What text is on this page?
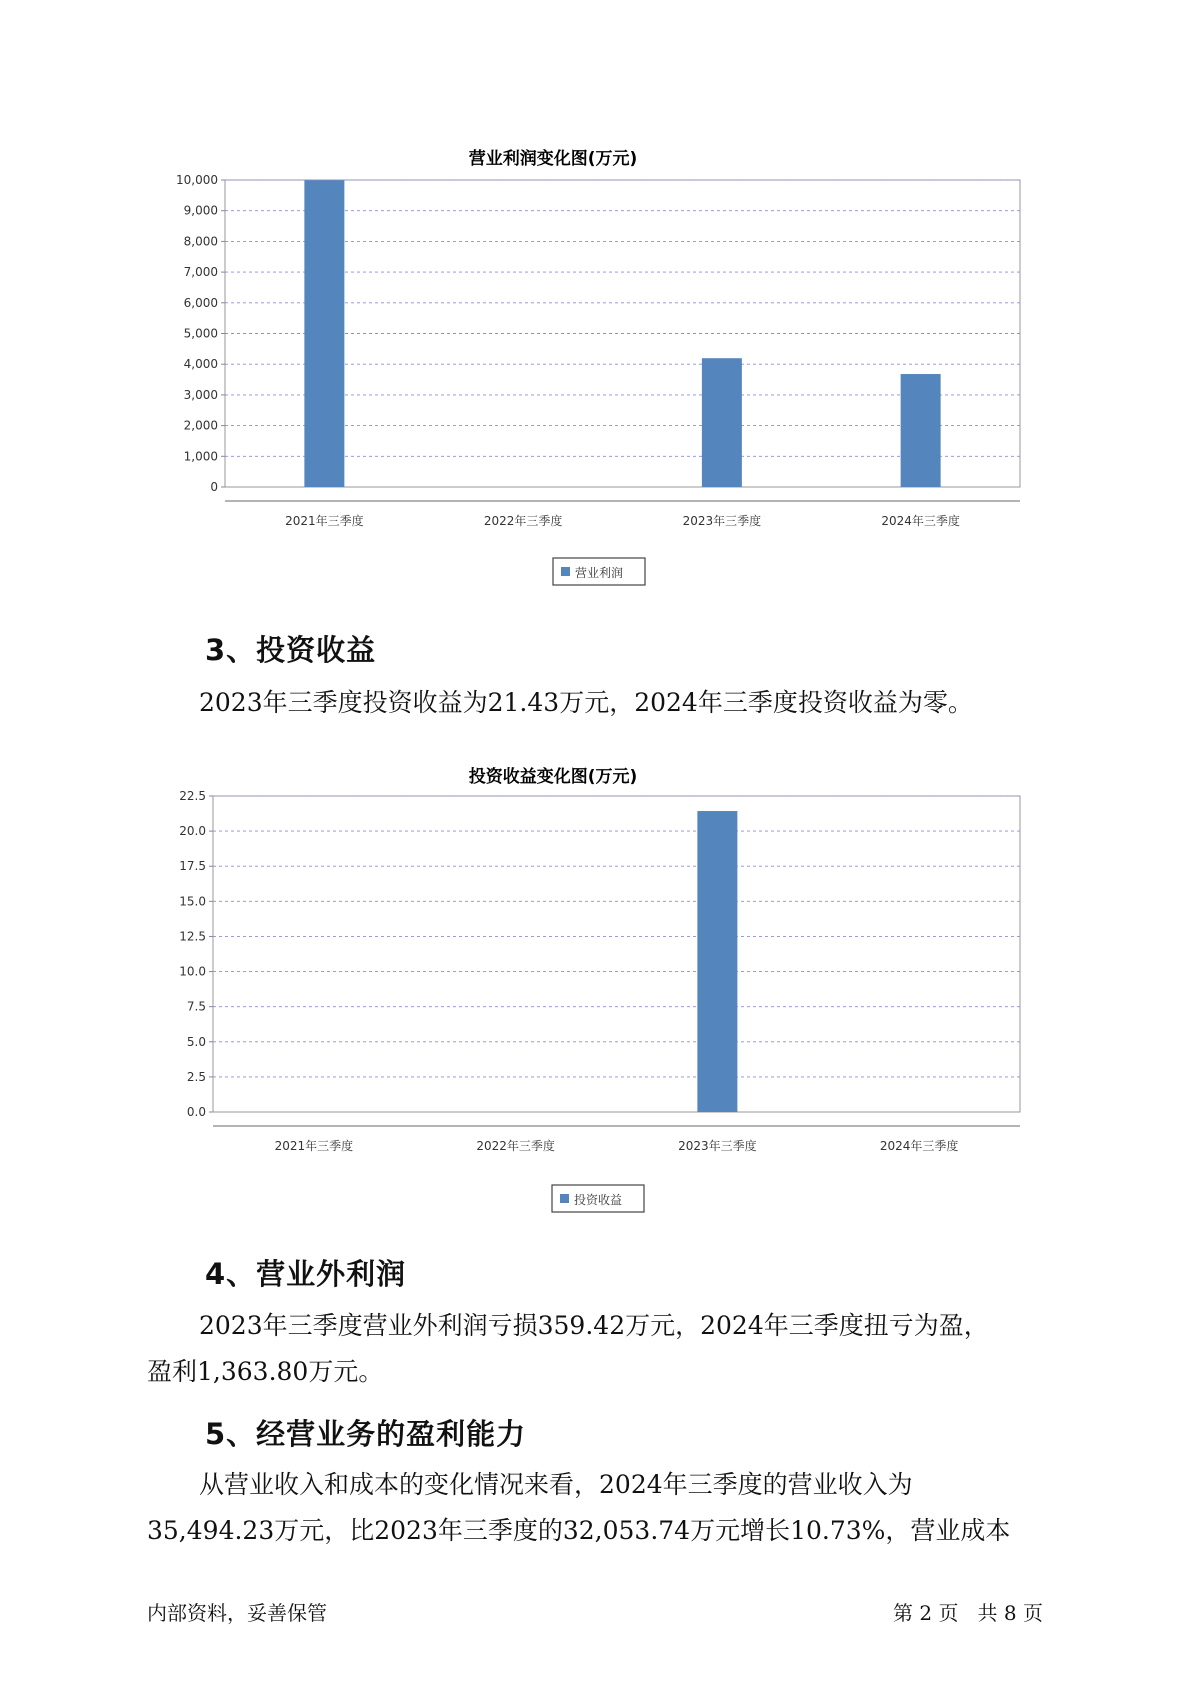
营业利润变化图(万元)
0
1,000
2,000
3,000
4,000
5,000
6,000
7,000
8,000
9,000
10,000
2021年三季度	2022年三季度	2023年三季度	2024年三季度
营业利润
3、投资收益
2023年三季度投资收益为21.43万元，2024年三季度投资收益为零。
投资收益变化图(万元)
0.0
2.5
5.0
7.5
10.0
12.5
15.0
17.5
20.0
22.5
2021年三季度	2022年三季度	2023年三季度	2024年三季度
投资收益
4、营业外利润
2023年三季度营业外利润亏损359.42万元，2024年三季度扭亏为盈，
盈利1,363.80万元。
5、经营业务的盈利能力
从营业收入和成本的变化情况来看，2024年三季度的营业收入为
35,494.23万元，比2023年三季度的32,053.74万元增长10.73%，营业成本
内部资料，妥善保管	第 2 页   共 8 页
